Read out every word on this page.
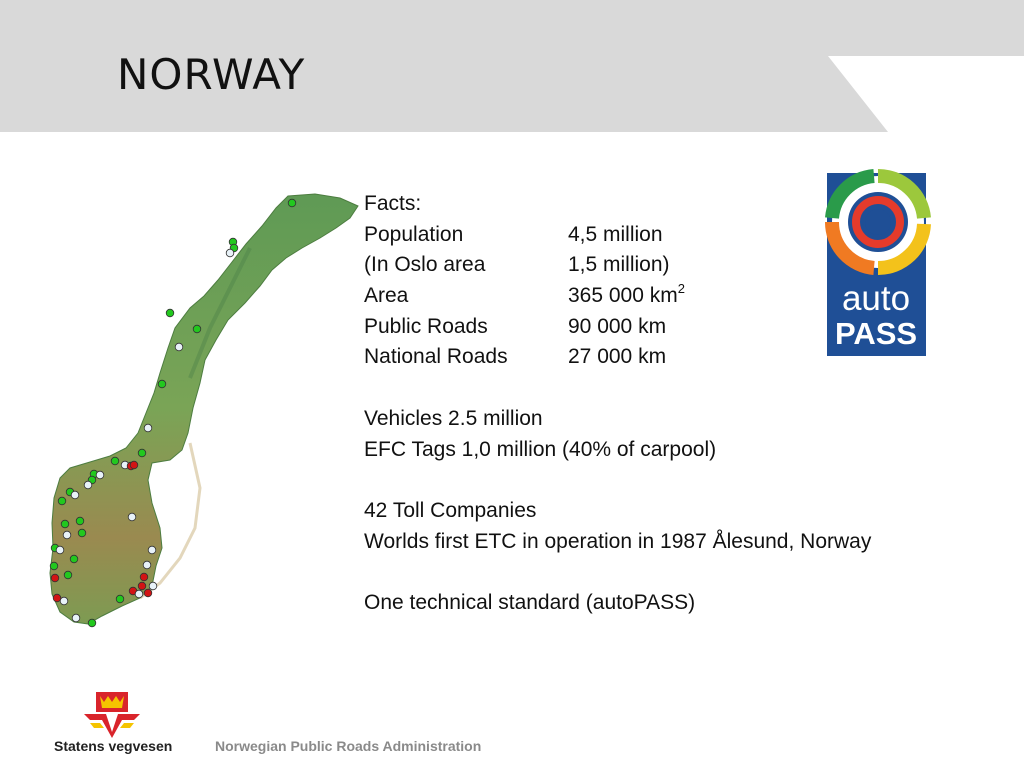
NORWAY
Facts:
Population	4,5 million
(In Oslo area	1,5 million)
Area	365 000 $km^2$
Public Roads	90 000 km
National Roads	27 000 km
Vehicles 2.5 million
EFC Tags 1,0 million (40% of carpool)
42 Toll Companies
Worlds first ETC in operation in 1987 Ålesund, Norway
One technical standard (autoPASS)
auto
PASS
Statens vegvesen	Norwegian Public Roads Administration
